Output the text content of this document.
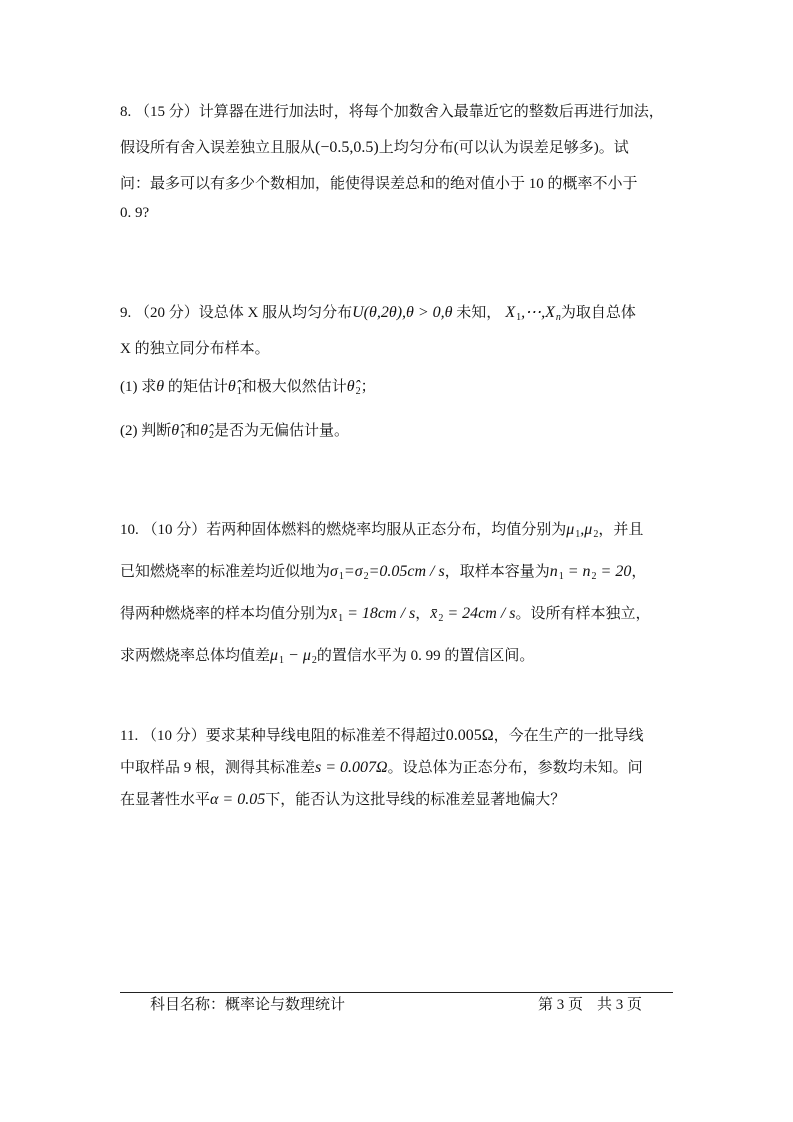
8. （15 分）计算器在进行加法时，将每个加数舍入最靠近它的整数后再进行加法，
假设所有舍入误差独立且服从(−0.5,0.5)上均匀分布(可以认为误差足够多)。试
问：最多可以有多少个数相加，能使得误差总和的绝对值小于 10 的概率不小于
0. 9?
9. （20 分）设总体 X 服从均匀分布U(θ,2θ),θ > 0,θ 未知， $X_1,\cdots,X_n$为取自总体
X 的独立同分布样本。
(1) 求θ 的矩估计$\thetâ_1$和极大似然估计$\thetâ_2$；
(2) 判断$\thetâ_1$和$\thetâ_2$是否为无偏估计量。
10. （10 分）若两种固体燃料的燃烧率均服从正态分布，均值分别为$\mu_1,\mu_2$，并且
已知燃烧率的标准差均近似地为$\sigma_1=\sigma_2=0.05cm / s$，取样本容量为$n_1 = n_2 = 20$，
得两种燃烧率的样本均值分别为$x̄_1 = 18cm / s$，$x̄_2 = 24cm / s$。设所有样本独立，
求两燃烧率总体均值差$\mu_1 - \mu_2$的置信水平为 0. 99 的置信区间。
11. （10 分）要求某种导线电阻的标准差不得超过0.005Ω，今在生产的一批导线
中取样品 9 根，测得其标准差s = 0.007Ω。设总体为正态分布，参数均未知。问
在显著性水平α = 0.05下，能否认为这批导线的标准差显著地偏大？
科目名称：概率论与数理统计	第 3 页 共 3 页
